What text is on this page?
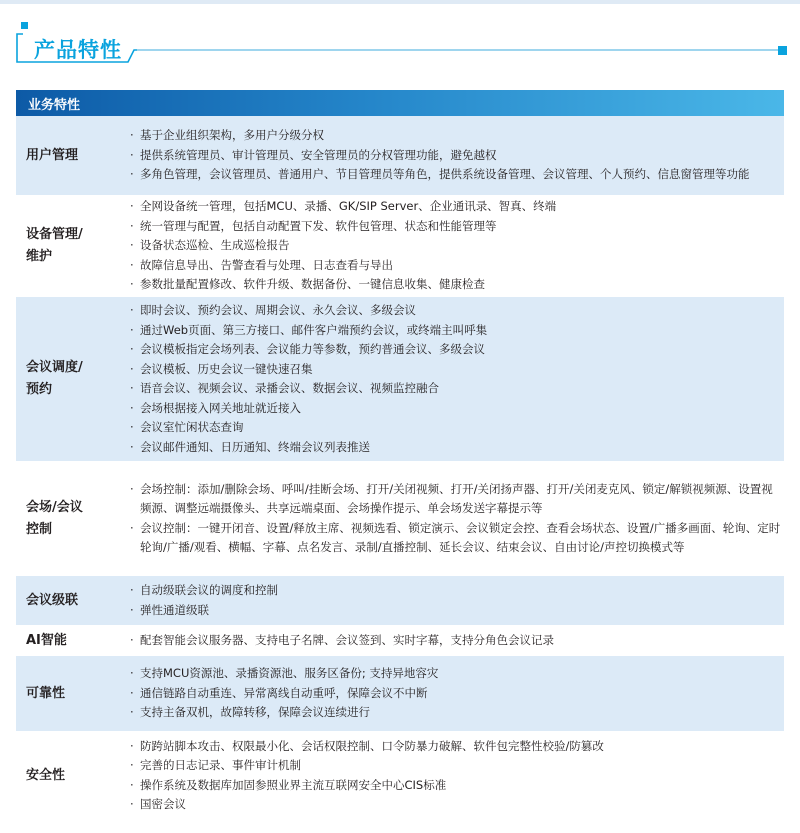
产品特性
业务特性
用户管理
· 基于企业组织架构，多用户分级分权
· 提供系统管理员、审计管理员、安全管理员的分权管理功能，避免越权
· 多角色管理，会议管理员、普通用户、节目管理员等角色，提供系统设备管理、会议管理、个人预约、信息窗管理等功能
设备管理/
维护
· 全网设备统一管理，包括MCU、录播、GK/SIP Server、企业通讯录、智真、终端
· 统一管理与配置，包括自动配置下发、软件包管理、状态和性能管理等
· 设备状态巡检、生成巡检报告
· 故障信息导出、告警查看与处理、日志查看与导出
· 参数批量配置修改、软件升级、数据备份、一键信息收集、健康检查
会议调度/
预约
· 即时会议、预约会议、周期会议、永久会议、多级会议
· 通过Web页面、第三方接口、邮件客户端预约会议，或终端主叫呼集
· 会议模板指定会场列表、会议能力等参数，预约普通会议、多级会议
· 会议模板、历史会议一键快速召集
· 语音会议、视频会议、录播会议、数据会议、视频监控融合
· 会场根据接入网关地址就近接入
· 会议室忙闲状态查询
· 会议邮件通知、日历通知、终端会议列表推送
会场/会议
控制
· 会场控制：添加/删除会场、呼叫/挂断会场、打开/关闭视频、打开/关闭扬声器、打开/关闭麦克风、锁定/解锁视频源、设置视频源、调整远端摄像头、共享远端桌面、会场操作提示、单会场发送字幕提示等
· 会议控制：一键开闭音、设置/释放主席、视频选看、锁定演示、会议锁定会控、查看会场状态、设置/广播多画面、轮询、定时轮询/广播/观看、横幅、字幕、点名发言、录制/直播控制、延长会议、结束会议、自由讨论/声控切换模式等
会议级联
· 自动级联会议的调度和控制
· 弹性通道级联
AI智能
·	配套智能会议服务器、支持电子名牌、会议签到、实时字幕，支持分角色会议记录
可靠性
· 支持MCU资源池、录播资源池、服务区备份; 支持异地容灾
· 通信链路自动重连、异常离线自动重呼，保障会议不中断
· 支持主备双机，故障转移，保障会议连续进行
安全性
· 防跨站脚本攻击、权限最小化、会话权限控制、口令防暴力破解、软件包完整性校验/防篡改
· 完善的日志记录、事件审计机制
· 操作系统及数据库加固参照业界主流互联网安全中心CIS标准
· 国密会议
